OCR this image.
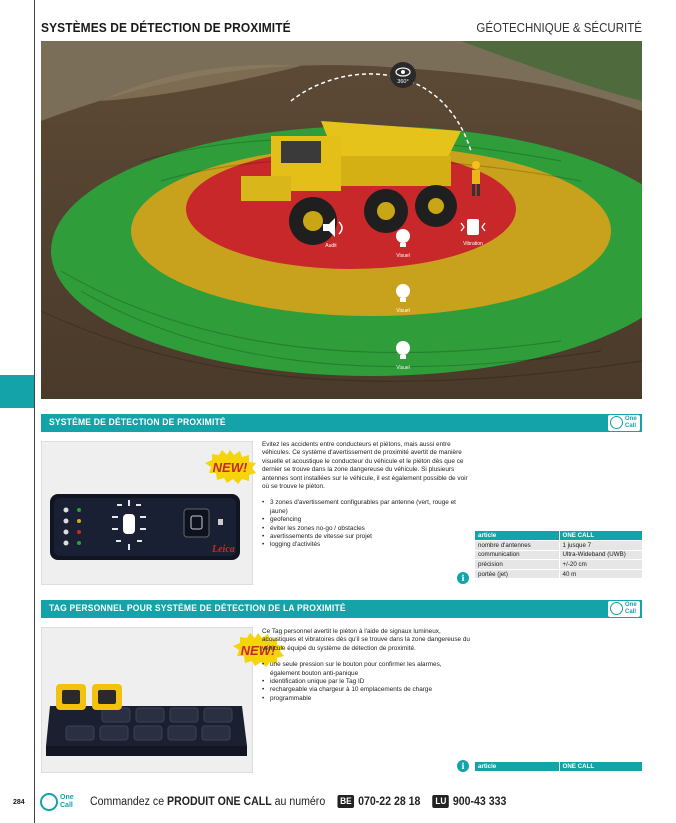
SYSTÈMES DE DÉTECTION DE PROXIMITÉ	GÉOTECHNIQUE & SÉCURITÉ
360°
Audit
Visuel
Vibration
Visuel
Visuel
SYSTÈME DE DÉTECTION DE PROXIMITÉ	One
Call
Leica
NEW!

Evitez les accidents entre conducteurs et piétons, mais aussi entre véhicules. Ce système d'avertissement de proximité avertit de manière visuelle et acoustique le conducteur du véhicule et le piéton dès que ce dernier se trouve dans la zone dangereuse du véhicule. Si plusieurs antennes sont installées sur le véhicule, il est également possible de voir où se trouve le piéton.

• 3 zones d'avertissement configurables par antenne (vert, rouge et jaune)
• geofencing
• éviter les zones no-go / obstacles
• avertissements de vitesse sur projet
• logging d'activités
article	ONE CALL
nombre d'antennes	1 jusque 7
communication	Ultra-Wideband (UWB)
précision	+/-20 cm
portée (jet)	40 m
i
TAG PERSONNEL POUR SYSTÈME DE DÉTECTION DE LA PROXIMITÉ	One
Call
NEW!

Ce Tag personnel avertit le piéton à l'aide de signaux lumineux, acoustiques et vibratoires dès qu'il se trouve dans la zone dangereuse du véhicule équipé du système de détection de proximité.

• une seule pression sur le bouton pour confirmer les alarmes, également bouton anti-panique
• identification unique par le Tag ID
• rechargeable via chargeur à 10 emplacements de charge
• programmable
article	ONE CALL
i
284
One
Call Commandez ce PRODUIT ONE CALL au numéro BE 070-22 28 18 LU 900-43 333
